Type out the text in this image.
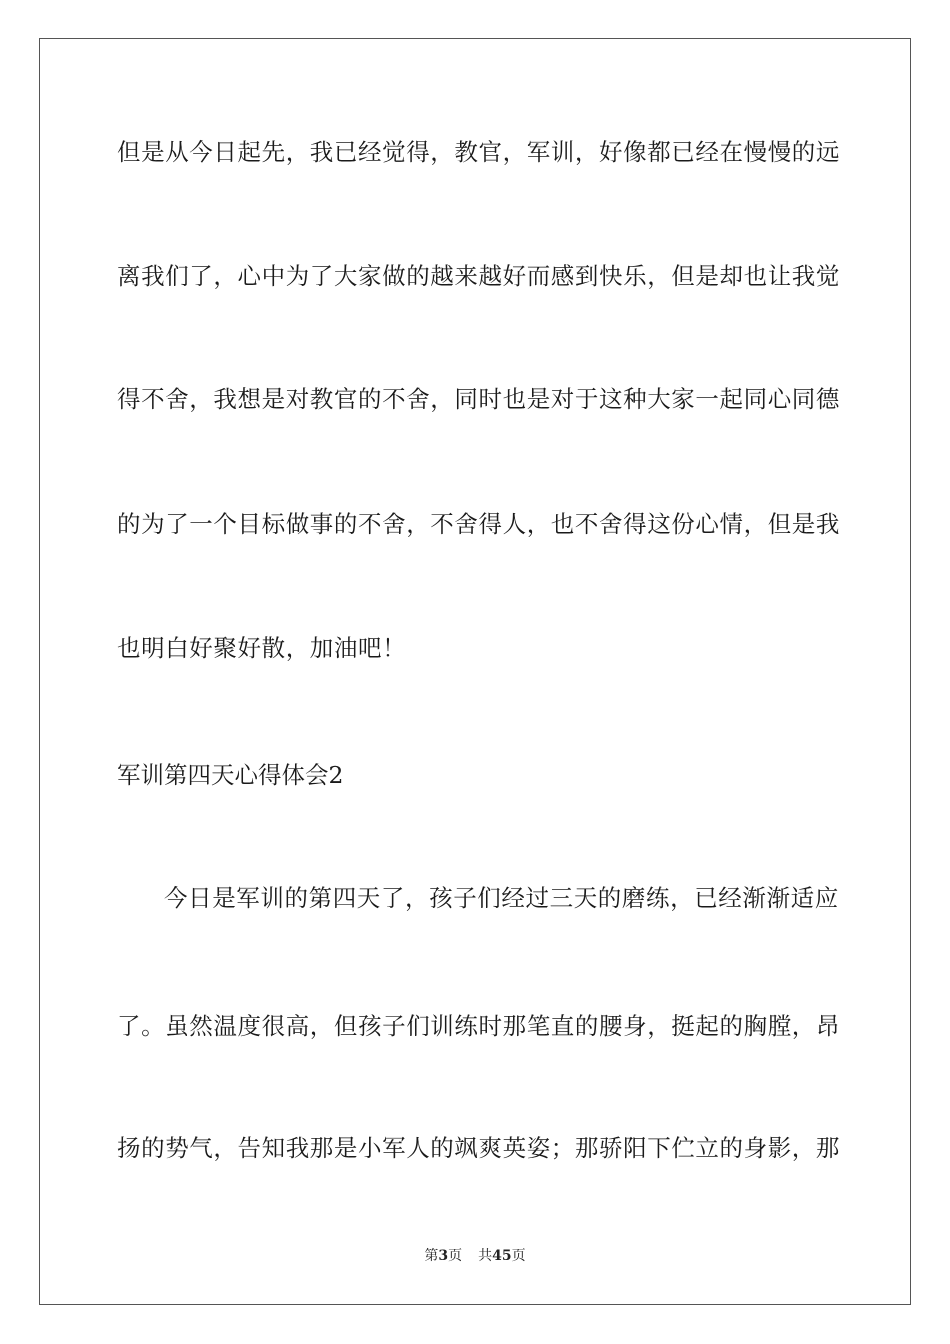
但是从今日起先，我已经觉得，教官，军训，好像都已经在慢慢的远
离我们了，心中为了大家做的越来越好而感到快乐，但是却也让我觉
得不舍，我想是对教官的不舍，同时也是对于这种大家一起同心同德
的为了一个目标做事的不舍，不舍得人，也不舍得这份心情，但是我
也明白好聚好散，加油吧！
军训第四天心得体会2
今日是军训的第四天了，孩子们经过三天的磨练，已经渐渐适应
了。虽然温度很高，但孩子们训练时那笔直的腰身，挺起的胸膛，昂
扬的势气，告知我那是小军人的飒爽英姿；那骄阳下伫立的身影，那
第3页 共45页
